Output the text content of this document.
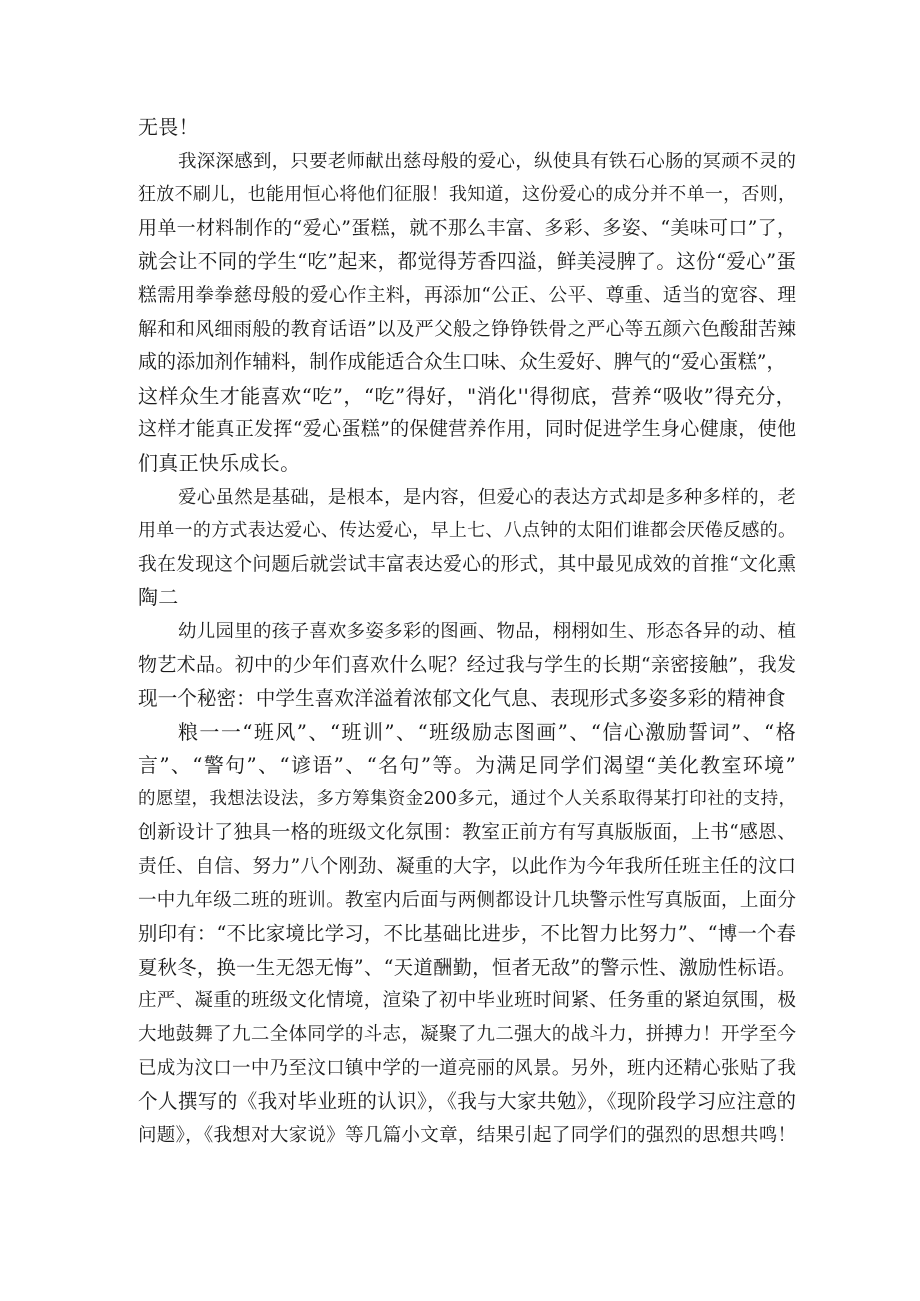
无畏！
我深深感到，只要老师献出慈母般的爱心，纵使具有铁石心肠的冥顽不灵的
狂放不刷儿，也能用恒心将他们征服！我知道，这份爱心的成分并不单一，否则，
用单一材料制作的“爱心”蛋糕，就不那么丰富、多彩、多姿、“美味可口”了，
就会让不同的学生“吃”起来，都觉得芳香四溢，鲜美浸脾了。这份“爱心”蛋
糕需用拳拳慈母般的爱心作主料，再添加“公正、公平、尊重、适当的宽容、理
解和和风细雨般的教育话语”以及严父般之铮铮铁骨之严心等五颜六色酸甜苦辣
咸的添加剂作辅料，制作成能适合众生口味、众生爱好、脾气的“爱心蛋糕”，
这样众生才能喜欢“吃”，“吃”得好，"消化''得彻底，营养“吸收”得充分，
这样才能真正发挥“爱心蛋糕”的保健营养作用，同时促进学生身心健康，使他
们真正快乐成长。
爱心虽然是基础，是根本，是内容，但爱心的表达方式却是多种多样的，老
用单一的方式表达爱心、传达爱心，早上七、八点钟的太阳们谁都会厌倦反感的。
我在发现这个问题后就尝试丰富表达爱心的形式，其中最见成效的首推“文化熏
陶二
幼儿园里的孩子喜欢多姿多彩的图画、物品，栩栩如生、形态各异的动、植
物艺术品。初中的少年们喜欢什么呢？经过我与学生的长期“亲密接触”，我发
现一个秘密：中学生喜欢洋溢着浓郁文化气息、表现形式多姿多彩的精神食
粮一一“班风”、“班训”、“班级励志图画”、“信心激励誓词”、“格
言”、“警句”、“谚语”、“名句”等。为满足同学们渴望“美化教室环境”
的愿望，我想法设法，多方筹集资金200多元，通过个人关系取得某打印社的支持，
创新设计了独具一格的班级文化氛围：教室正前方有写真版版面，上书“感恩、
责任、自信、努力”八个刚劲、凝重的大字，以此作为今年我所任班主任的汶口
一中九年级二班的班训。教室内后面与两侧都设计几块警示性写真版面，上面分
别印有：“不比家境比学习，不比基础比进步，不比智力比努力”、“博一个春
夏秋冬，换一生无怨无悔”、“天道酬勤，恒者无敌”的警示性、激励性标语。
庄严、凝重的班级文化情境，渲染了初中毕业班时间紧、任务重的紧迫氛围，极
大地鼓舞了九二全体同学的斗志，凝聚了九二强大的战斗力，拼搏力！开学至今
已成为汶口一中乃至汶口镇中学的一道亮丽的风景。另外，班内还精心张贴了我
个人撰写的《我对毕业班的认识》，《我与大家共勉》，《现阶段学习应注意的
问题》，《我想对大家说》等几篇小文章，结果引起了同学们的强烈的思想共鸣！
